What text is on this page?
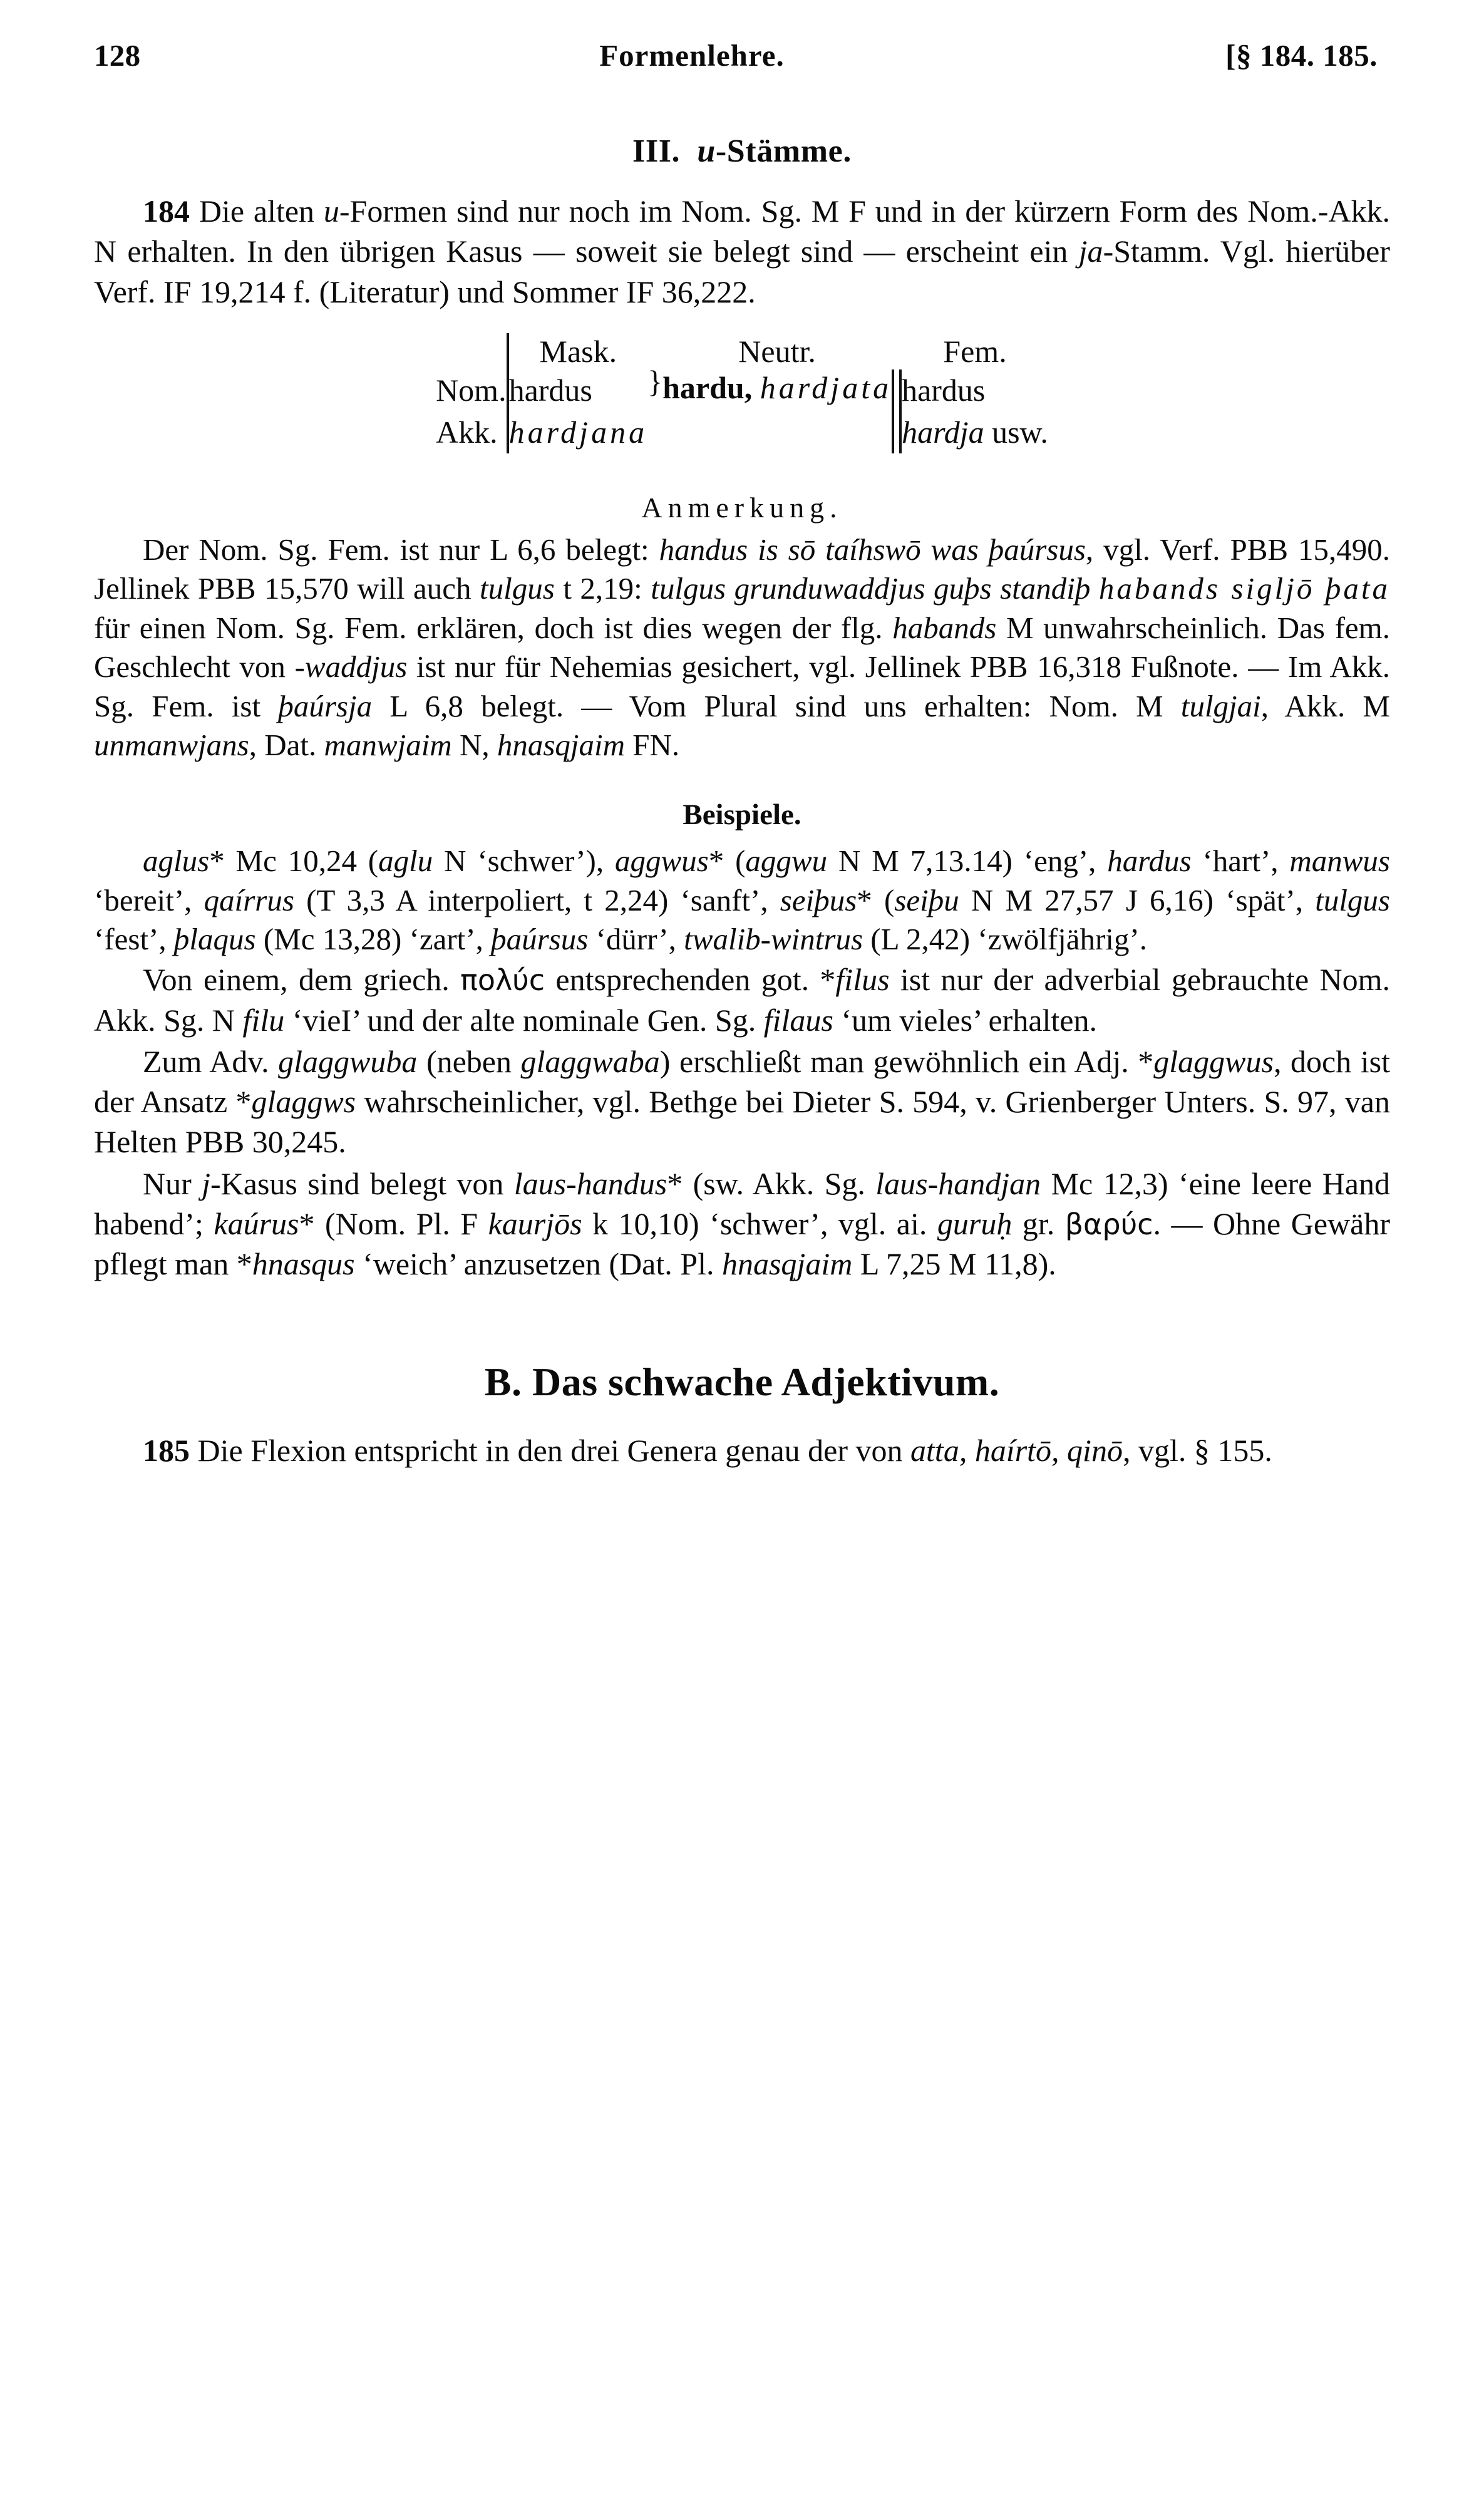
128	Formenlehre.	[§ 184. 185.
III. u-Stämme.

184 Die alten u-Formen sind nur noch im Nom. Sg. M F und in der kürzern Form des Nom.-Akk. N erhalten. In den übrigen Kasus — soweit sie belegt sind — erscheint ein ja-Stamm. Vgl. hierüber Verf. IF 19,214 f. (Literatur) und Sommer IF 36,222.

		Mask.		Neutr.		Fem.
Nom.		hardus	}	hardu, hardjata		hardus
Akk.		hardjana				hardja usw.
Anmerkung.

Der Nom. Sg. Fem. ist nur L 6,6 belegt: handus is sō taíhswō was þaúrsus, vgl. Verf. PBB 15,490. Jellinek PBB 15,570 will auch tulgus t 2,19: tulgus grunduwaddjus guþs standiþ habands sigljō þata für einen Nom. Sg. Fem. erklären, doch ist dies wegen der flg. habands M unwahrscheinlich. Das fem. Geschlecht von -waddjus ist nur für Nehemias gesichert, vgl. Jellinek PBB 16,318 Fußnote. — Im Akk. Sg. Fem. ist þaúrsja L 6,8 belegt. — Vom Plural sind uns erhalten: Nom. M tulgjai, Akk. M unmanwjans, Dat. manwjaim N, hnasqjaim FN.

Beispiele.

aglus* Mc 10,24 (aglu N ‘schwer’), aggwus* (aggwu N M 7,13.14) ‘eng’, hardus ‘hart’, manwus ‘bereit’, qaírrus (T 3,3 A interpoliert, t 2,24) ‘sanft’, seiþus* (seiþu N M 27,57 J 6,16) ‘spät’, tulgus ‘fest’, þlaqus (Mc 13,28) ‘zart’, þaúrsus ‘dürr’, twalib-wintrus (L 2,42) ‘zwölfjährig’.

Von einem, dem griech. πολύc entsprechenden got. *filus ist nur der adverbial gebrauchte Nom. Akk. Sg. N filu ‘vieI’ und der alte nominale Gen. Sg. filaus ‘um vieles’ erhalten.

Zum Adv. glaggwuba (neben glaggwaba) erschließt man gewöhnlich ein Adj. *glaggwus, doch ist der Ansatz *glaggws wahrscheinlicher, vgl. Bethge bei Dieter S. 594, v. Grienberger Unters. S. 97, van Helten PBB 30,245.

Nur j-Kasus sind belegt von laus-handus* (sw. Akk. Sg. laus-handjan Mc 12,3) ‘eine leere Hand habend’; kaúrus* (Nom. Pl. F kaurjōs k 10,10) ‘schwer’, vgl. ai. guruḥ gr. βαρύc. — Ohne Gewähr pflegt man *hnasqus ‘weich’ anzusetzen (Dat. Pl. hnasqjaim L 7,25 M 11,8).

B. Das schwache Adjektivum.

185 Die Flexion entspricht in den drei Genera genau der von atta, haírtō, qinō, vgl. § 155.
